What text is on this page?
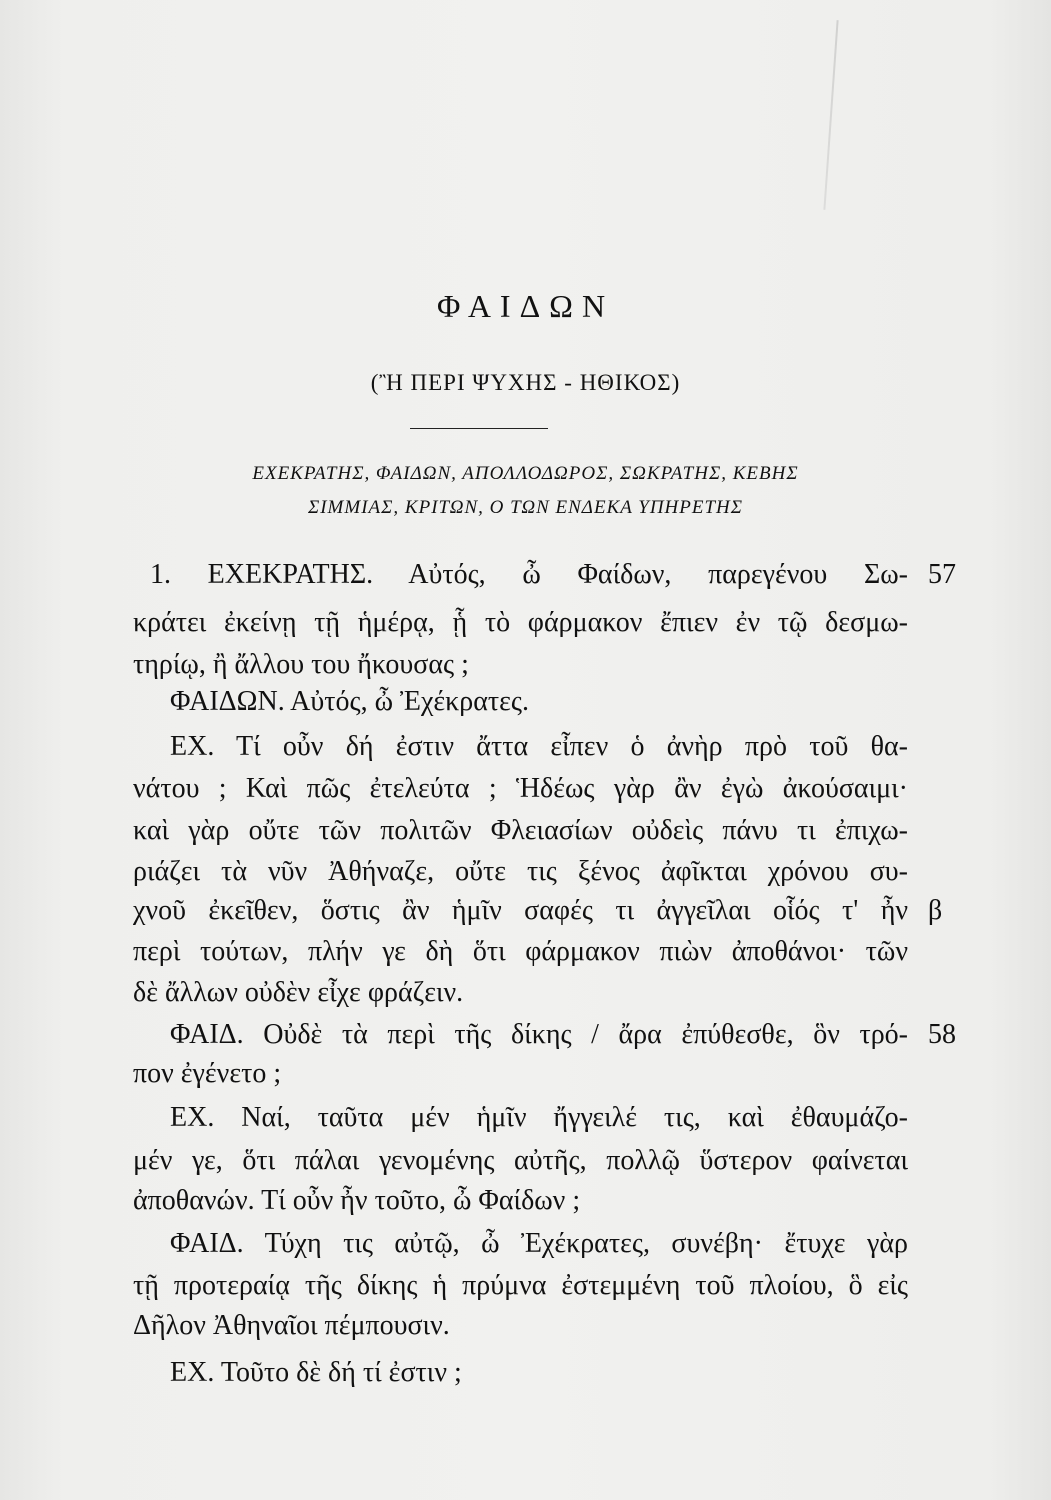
ΦΑΙΔΩΝ
(Ἢ ΠΕΡΙ ΨΥΧΗΣ - ΗΘΙΚΟΣ)
ΕΧΕΚΡΑΤΗΣ, ΦΑΙΔΩΝ, ΑΠΟΛΛΟΔΩΡΟΣ, ΣΩΚΡΑΤΗΣ, ΚΕΒΗΣ
ΣΙΜΜΙΑΣ, ΚΡΙΤΩΝ, Ο ΤΩΝ ΕΝΔΕΚΑ ΥΠΗΡΕΤΗΣ
1. ΕΧΕΚΡΑΤΗΣ. Αὐτός, ὦ Φαίδων, παρεγένου Σω- 57
κράτει ἐκείνῃ τῇ ἡμέρᾳ, ᾗ τὸ φάρμακον ἔπιεν ἐν τῷ δεσμω-
τηρίῳ, ἢ ἄλλου του ἤκουσας ;
ΦΑΙΔΩΝ. Αὐτός, ὦ Ἐχέκρατες.
ΕΧ. Τί οὖν δή ἐστιν ἄττα εἶπεν ὁ ἀνὴρ πρὸ τοῦ θα-
νάτου ; Καὶ πῶς ἐτελεύτα ; Ἡδέως γὰρ ἂν ἐγὼ ἀκούσαιμι·
καὶ γὰρ οὔτε τῶν πολιτῶν Φλειασίων οὐδεὶς πάνυ τι ἐπιχω-
ριάζει τὰ νῦν Ἀθήναζε, οὔτε τις ξένος ἀφῖκται χρόνου συ-
χνοῦ ἐκεῖθεν, ὅστις ἂν ἡμῖν σαφές τι ἀγγεῖλαι οἷός τ' ἦν β
περὶ τούτων, πλήν γε δὴ ὅτι φάρμακον πιὼν ἀποθάνοι· τῶν
δὲ ἄλλων οὐδὲν εἶχε φράζειν.
ΦΑΙΔ. Οὐδὲ τὰ περὶ τῆς δίκης / ἄρα ἐπύθεσθε, ὃν τρό- 58
πον ἐγένετο ;
ΕΧ. Ναί, ταῦτα μέν ἡμῖν ἤγγειλέ τις, καὶ ἐθαυμάζο-
μέν γε, ὅτι πάλαι γενομένης αὐτῆς, πολλῷ ὕστερον φαίνεται
ἀποθανών. Τί οὖν ἦν τοῦτο, ὦ Φαίδων ;
ΦΑΙΔ. Τύχη τις αὐτῷ, ὦ Ἐχέκρατες, συνέβη· ἔτυχε γὰρ
τῇ προτεραίᾳ τῆς δίκης ἡ πρύμνα ἐστεμμένη τοῦ πλοίου, ὃ εἰς
Δῆλον Ἀθηναῖοι πέμπουσιν.
ΕΧ. Τοῦτο δὲ δή τί ἐστιν ;
